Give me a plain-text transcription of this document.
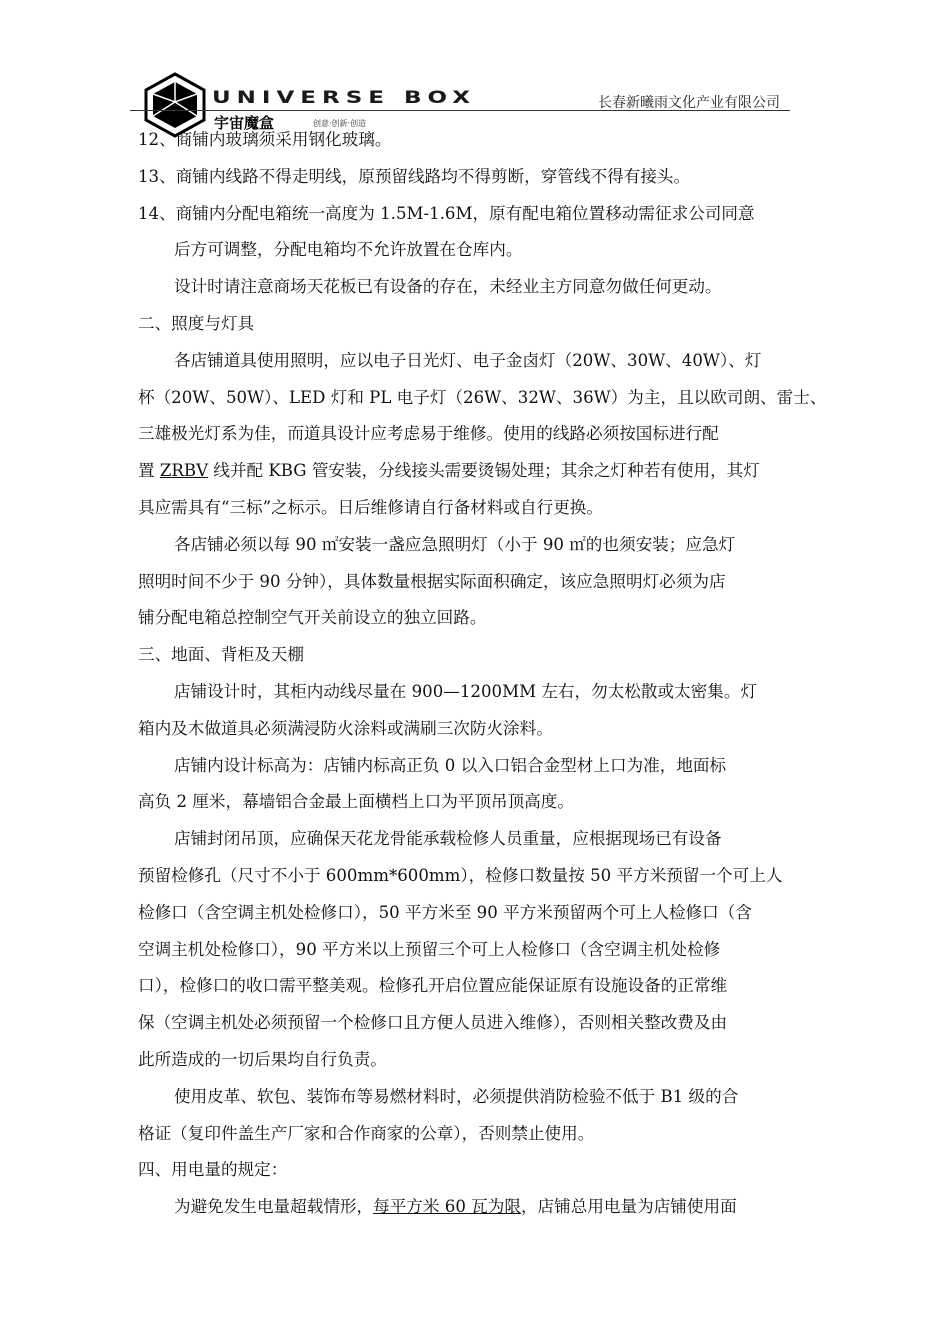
UNIVERSE BOX
宇宙魔盒	创意·创新·创造
长春新曦雨文化产业有限公司
12、商铺内玻璃须采用钢化玻璃。
13、商铺内线路不得走明线，原预留线路均不得剪断，穿管线不得有接头。
14、商铺内分配电箱统一高度为 1.5M-1.6M，原有配电箱位置移动需征求公司同意
后方可调整，分配电箱均不允许放置在仓库内。
设计时请注意商场天花板已有设备的存在，未经业主方同意勿做任何更动。
二、照度与灯具
各店铺道具使用照明，应以电子日光灯、电子金卤灯（20W、30W、40W）、灯
杯（20W、50W）、LED 灯和 PL 电子灯（26W、32W、36W）为主，且以欧司朗、雷士、
三雄极光灯系为佳，而道具设计应考虑易于维修。使用的线路必须按国标进行配
置 ZRBV 线并配 KBG 管安装，分线接头需要烫锡处理；其余之灯种若有使用，其灯
具应需具有“三标”之标示。日后维修请自行备材料或自行更换。
各店铺必须以每 90 ㎡安装一盏应急照明灯（小于 90 ㎡的也须安装；应急灯
照明时间不少于 90 分钟），具体数量根据实际面积确定，该应急照明灯必须为店
铺分配电箱总控制空气开关前设立的独立回路。
三、地面、背柜及天棚
店铺设计时，其柜内动线尽量在 900—1200MM 左右，勿太松散或太密集。灯
箱内及木做道具必须满浸防火涂料或满刷三次防火涂料。
店铺内设计标高为：店铺内标高正负 0 以入口铝合金型材上口为准，地面标
高负 2 厘米，幕墙铝合金最上面横档上口为平顶吊顶高度。
店铺封闭吊顶，应确保天花龙骨能承载检修人员重量，应根据现场已有设备
预留检修孔（尺寸不小于 600mm*600mm），检修口数量按 50 平方米预留一个可上人
检修口（含空调主机处检修口），50 平方米至 90 平方米预留两个可上人检修口（含
空调主机处检修口），90 平方米以上预留三个可上人检修口（含空调主机处检修
口），检修口的收口需平整美观。检修孔开启位置应能保证原有设施设备的正常维
保（空调主机处必须预留一个检修口且方便人员进入维修），否则相关整改费及由
此所造成的一切后果均自行负责。
使用皮革、软包、装饰布等易燃材料时，必须提供消防检验不低于 B1 级的合
格证（复印件盖生产厂家和合作商家的公章），否则禁止使用。
四、用电量的规定：
为避免发生电量超载情形，每平方米 60 瓦为限，店铺总用电量为店铺使用面
